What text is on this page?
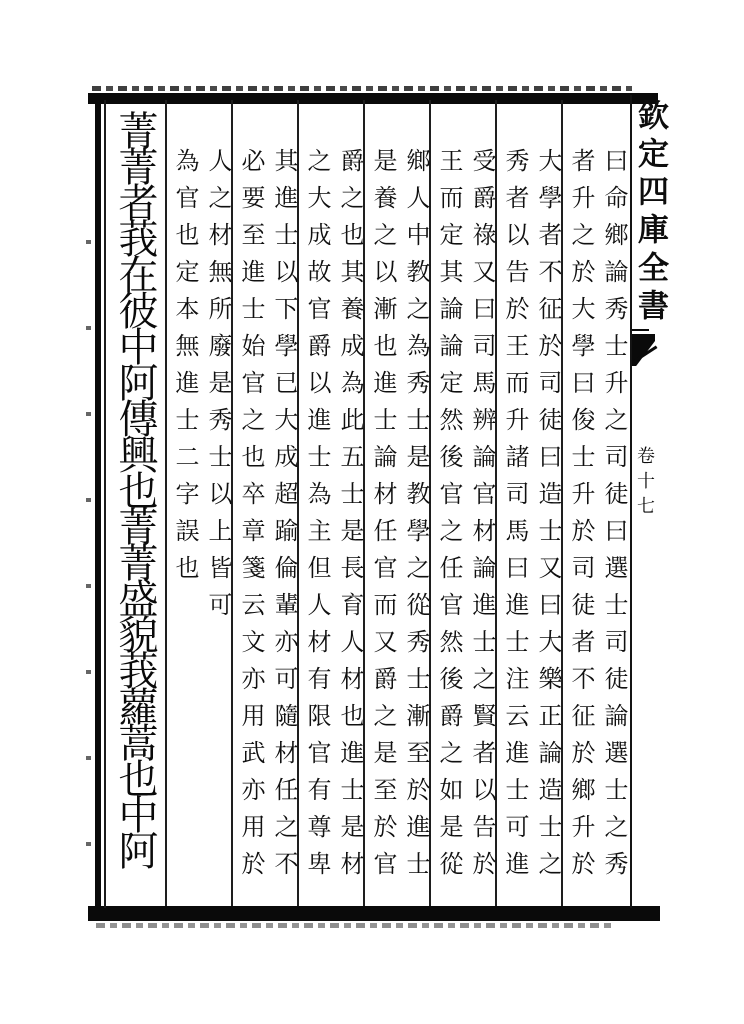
欽定四庫全書
卷十七
曰命鄉論秀士升之司徒曰選士司徒論選士之秀
者升之於大學曰俊士升於司徒者不征於鄉升於
大學者不征於司徒曰造士又曰大樂正論造士之
秀者以告於王而升諸司馬曰進士注云進士可進
受爵祿又曰司馬辨論官材論進士之賢者以告於
王而定其論論定然後官之任官然後爵之如是從
鄉人中教之為秀士是教學之從秀士漸至於進士
是養之以漸也進士論材任官而又爵之是至於官
爵之也其養成為此五士是長育人材也進士是材
之大成故官爵以進士為主但人材有限官有尊卑
其進士以下學已大成超踰倫輩亦可隨材任之不
必要至進士始官之也卒章箋云文亦用武亦用於
人之材無所廢是秀士以上皆可
為官也定本無進士二字誤也
菁菁者莪在彼中阿傳興也菁菁盛貌莪蘿蒿也中阿
